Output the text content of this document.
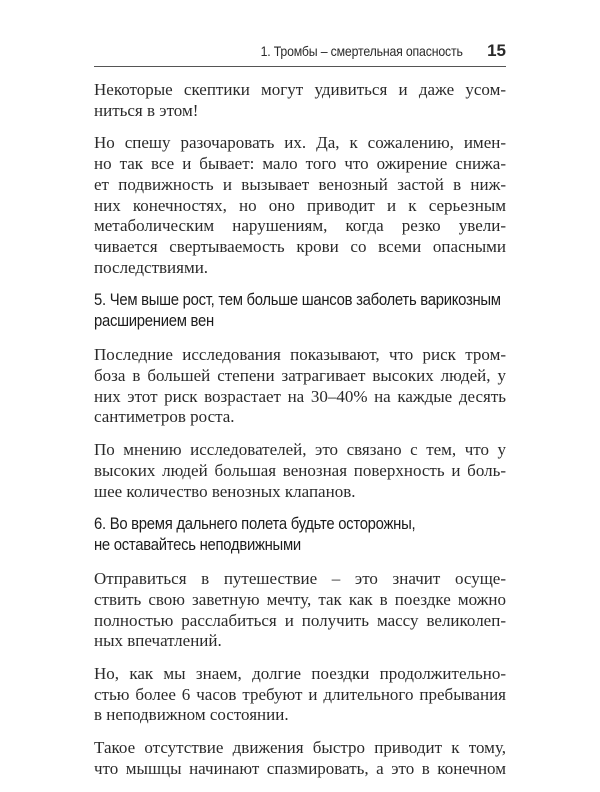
1. Тромбы – смертельная опасность 15

Некоторые скептики могут удивиться и даже усом-
ниться в этом!

Но спешу разочаровать их. Да, к сожалению, имен-
но так все и бывает: мало того что ожирение снижа-
ет подвижность и вызывает венозный застой в ниж-
них конечностях, но оно приводит и к серьезным
метаболическим нарушениям, когда резко увели-
чивается свертываемость крови со всеми опасными
последствиями.

5. Чем выше рост, тем больше шансов заболеть варикозным
расширением вен

Последние исследования показывают, что риск тром-
боза в большей степени затрагивает высоких людей, у
них этот риск возрастает на 30–40% на каждые десять
сантиметров роста.

По мнению исследователей, это связано с тем, что у
высоких людей большая венозная поверхность и боль-
шее количество венозных клапанов.

6. Во время дальнего полета будьте осторожны,
не оставайтесь неподвижными

Отправиться в путешествие – это значит осуще-
ствить свою заветную мечту, так как в поездке можно
полностью расслабиться и получить массу великолеп-
ных впечатлений.

Но, как мы знаем, долгие поездки продолжительно-
стью более 6 часов требуют и длительного пребывания
в неподвижном состоянии.

Такое отсутствие движения быстро приводит к тому,
что мышцы начинают спазмировать, а это в конечном
